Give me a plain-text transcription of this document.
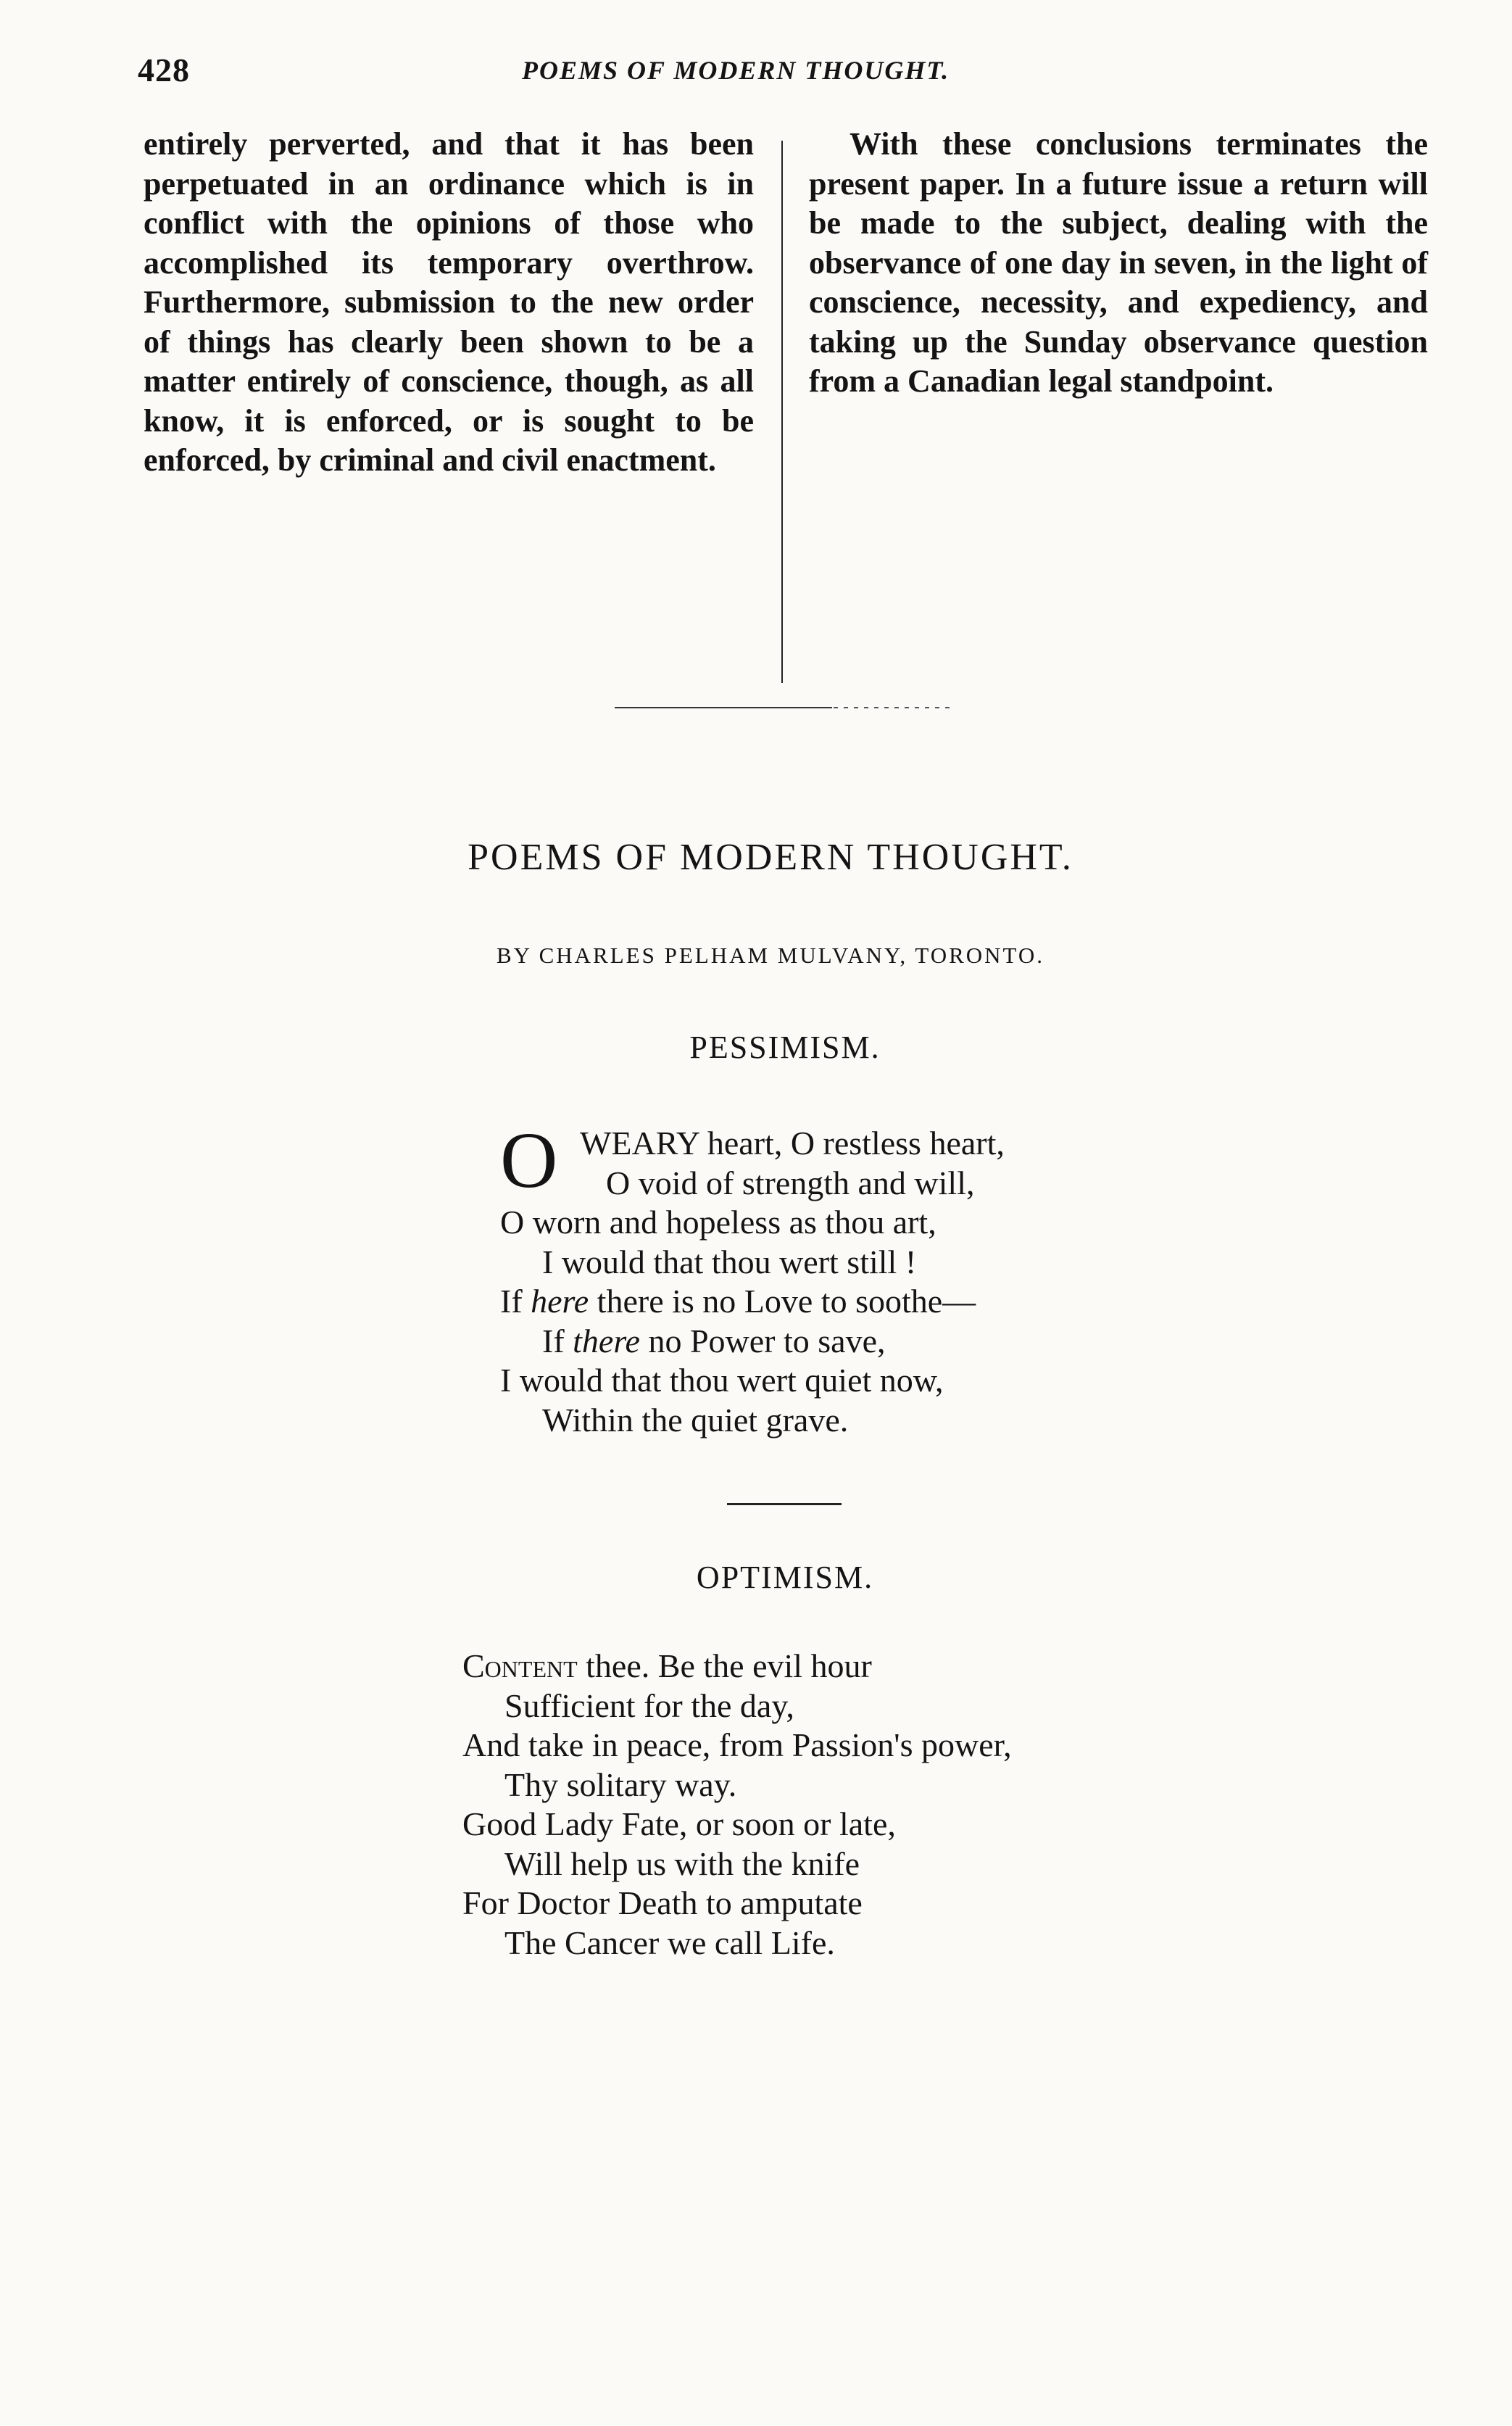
428	POEMS OF MODERN THOUGHT.

entirely perverted, and that it has been perpetuated in an ordinance which is in conflict with the opinions of those who accomplished its temporary overthrow. Furthermore, submission to the new order of things has clearly been shown to be a matter entirely of conscience, though, as all know, it is enforced, or is sought to be enforced, by criminal and civil enactment.

With these conclusions terminates the present paper. In a future issue a return will be made to the subject, dealing with the observance of one day in seven, in the light of conscience, necessity, and expediency, and taking up the Sunday observance question from a Canadian legal standpoint.

POEMS OF MODERN THOUGHT.
BY CHARLES PELHAM MULVANY, TORONTO.
PESSIMISM.
O WEARY heart, O restless heart,
O void of strength and will,
O worn and hopeless as thou art,
I would that thou wert still !
If here there is no Love to soothe—
If there no Power to save,
I would that thou wert quiet now,
Within the quiet grave.
OPTIMISM.
Content thee. Be the evil hour
Sufficient for the day,
And take in peace, from Passion's power,
Thy solitary way.
Good Lady Fate, or soon or late,
Will help us with the knife
For Doctor Death to amputate
The Cancer we call Life.
